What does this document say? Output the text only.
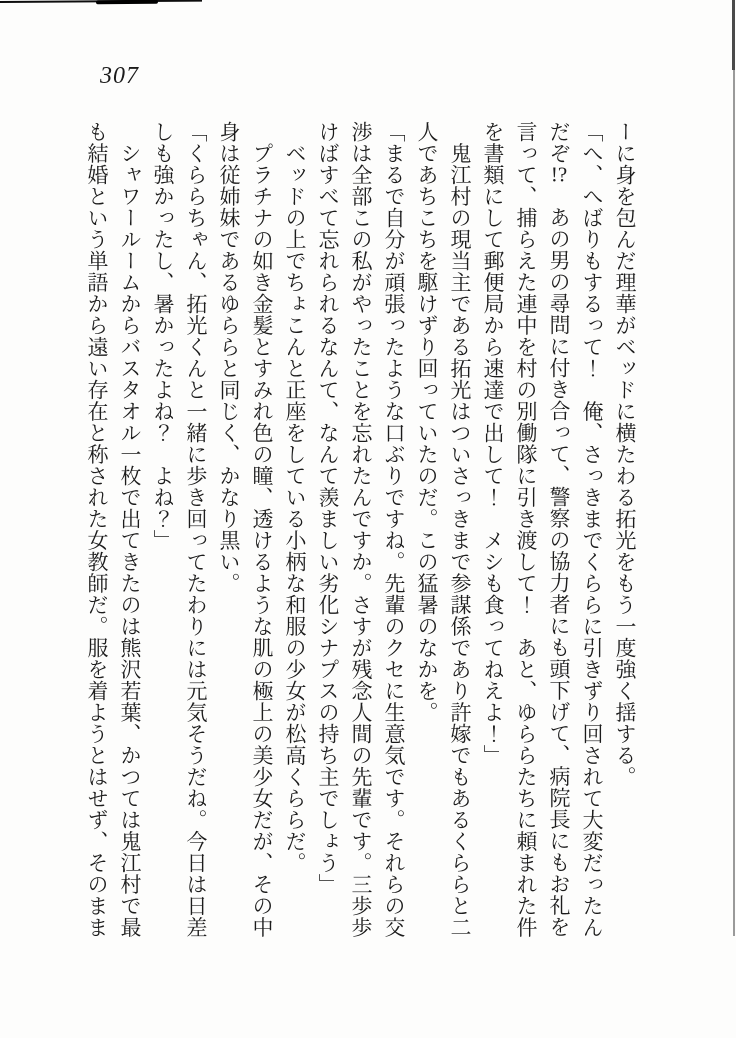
307

ーに身を包んだ理華がベッドに横たわる拓光をもう一度強く揺する。

「へ、へばりもするって！　俺、さっきまでくららに引きずり回されて大変だったん

だぞ!?　あの男の尋問に付き合って、警察の協力者にも頭下げて、病院長にもお礼を

言って、捕らえた連中を村の別働隊に引き渡して！　あと、ゆららたちに頼まれた件

を書類にして郵便局から速達で出して！　メシも食ってねえよ！」

　鬼江村の現当主である拓光はついさっきまで参謀係であり許嫁でもあるくららと二

人であちこちを駆けずり回っていたのだ。この猛暑のなかを。

「まるで自分が頑張ったような口ぶりですね。先輩のクセに生意気です。それらの交

渉は全部この私がやったことを忘れたんですか。さすが残念人間の先輩です。三歩歩

けばすべて忘れられるなんて、なんて羨ましい劣化シナプスの持ち主でしょう」

　ベッドの上でちょこんと正座をしている小柄な和服の少女が松高くららだ。

　プラチナの如き金髪とすみれ色の瞳、透けるような肌の極上の美少女だが、その中

身は従姉妹であるゆららと同じく、かなり黒い。

「くららちゃん、拓光くんと一緒に歩き回ってたわりには元気そうだね。今日は日差

しも強かったし、暑かったよね？　よね？」

　シャワールームからバスタオル一枚で出てきたのは熊沢若葉、かつては鬼江村で最

も結婚という単語から遠い存在と称された女教師だ。服を着ようとはせず、そのまま
